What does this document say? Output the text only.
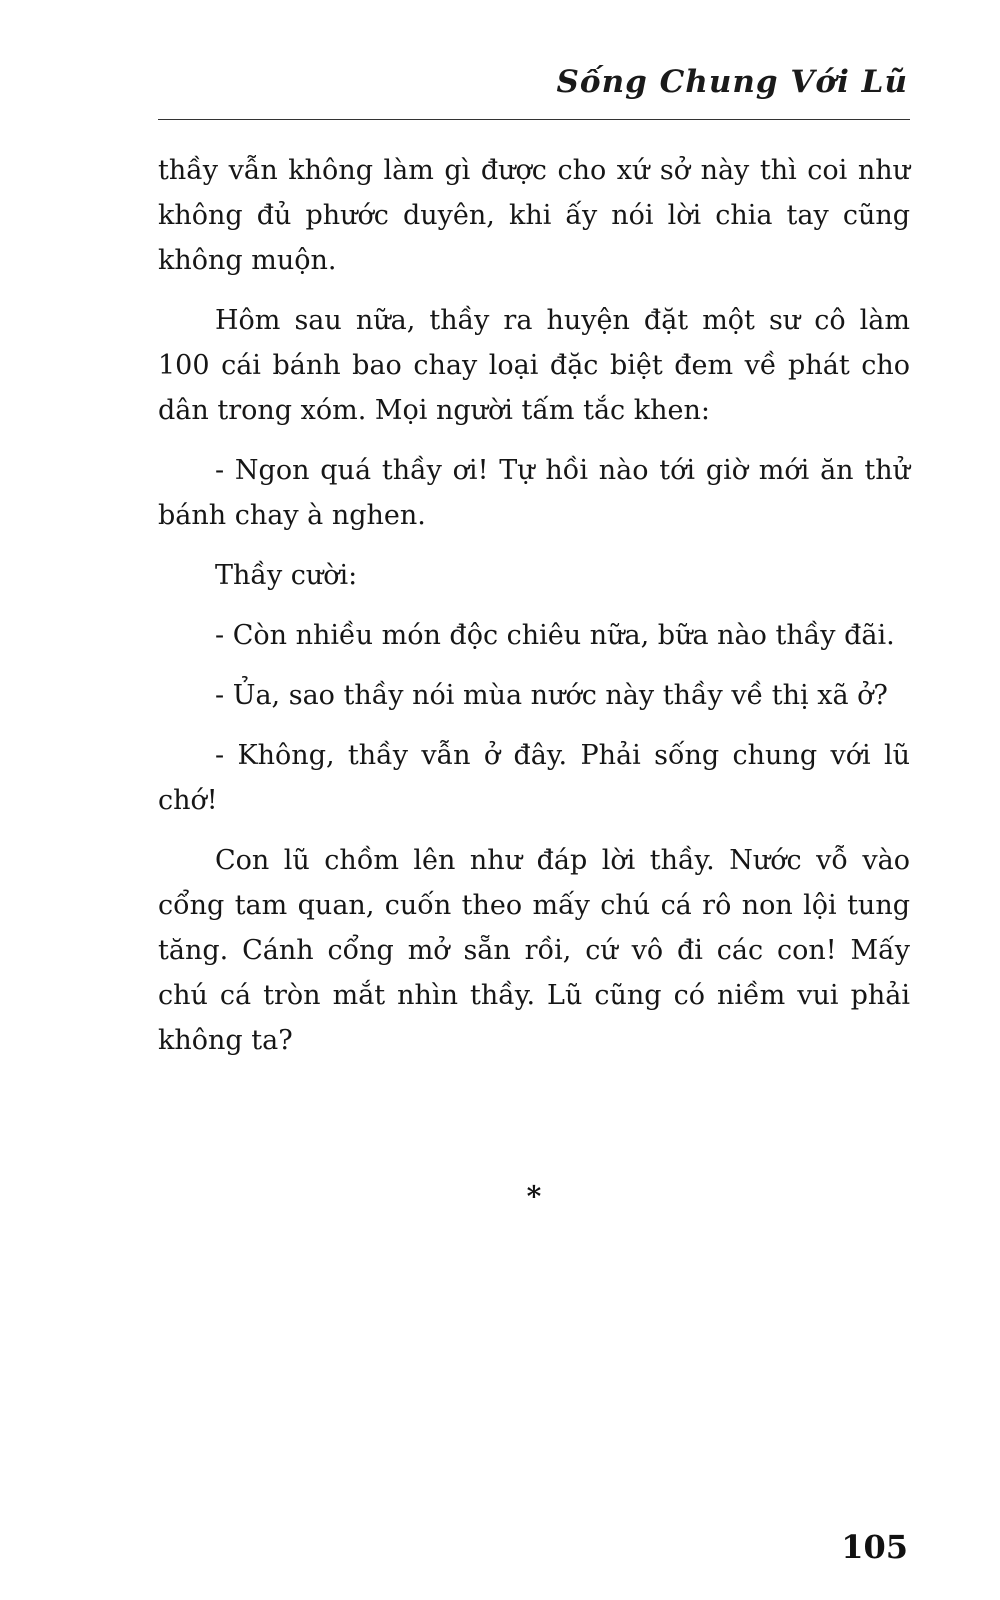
Sống Chung Với Lũ

thầy vẫn không làm gì được cho xứ sở này thì coi như không đủ phước duyên, khi ấy nói lời chia tay cũng không muộn.

Hôm sau nữa, thầy ra huyện đặt một sư cô làm 100 cái bánh bao chay loại đặc biệt đem về phát cho dân trong xóm. Mọi người tấm tắc khen:

- Ngon quá thầy ơi! Tự hồi nào tới giờ mới ăn thử bánh chay à nghen.

Thầy cười:

- Còn nhiều món độc chiêu nữa, bữa nào thầy đãi.

- Ủa, sao thầy nói mùa nước này thầy về thị xã ở?

- Không, thầy vẫn ở đây. Phải sống chung với lũ chớ!

Con lũ chồm lên như đáp lời thầy. Nước vỗ vào cổng tam quan, cuốn theo mấy chú cá rô non lội tung tăng. Cánh cổng mở sẵn rồi, cứ vô đi các con! Mấy chú cá tròn mắt nhìn thầy. Lũ cũng có niềm vui phải không ta?

*
105
